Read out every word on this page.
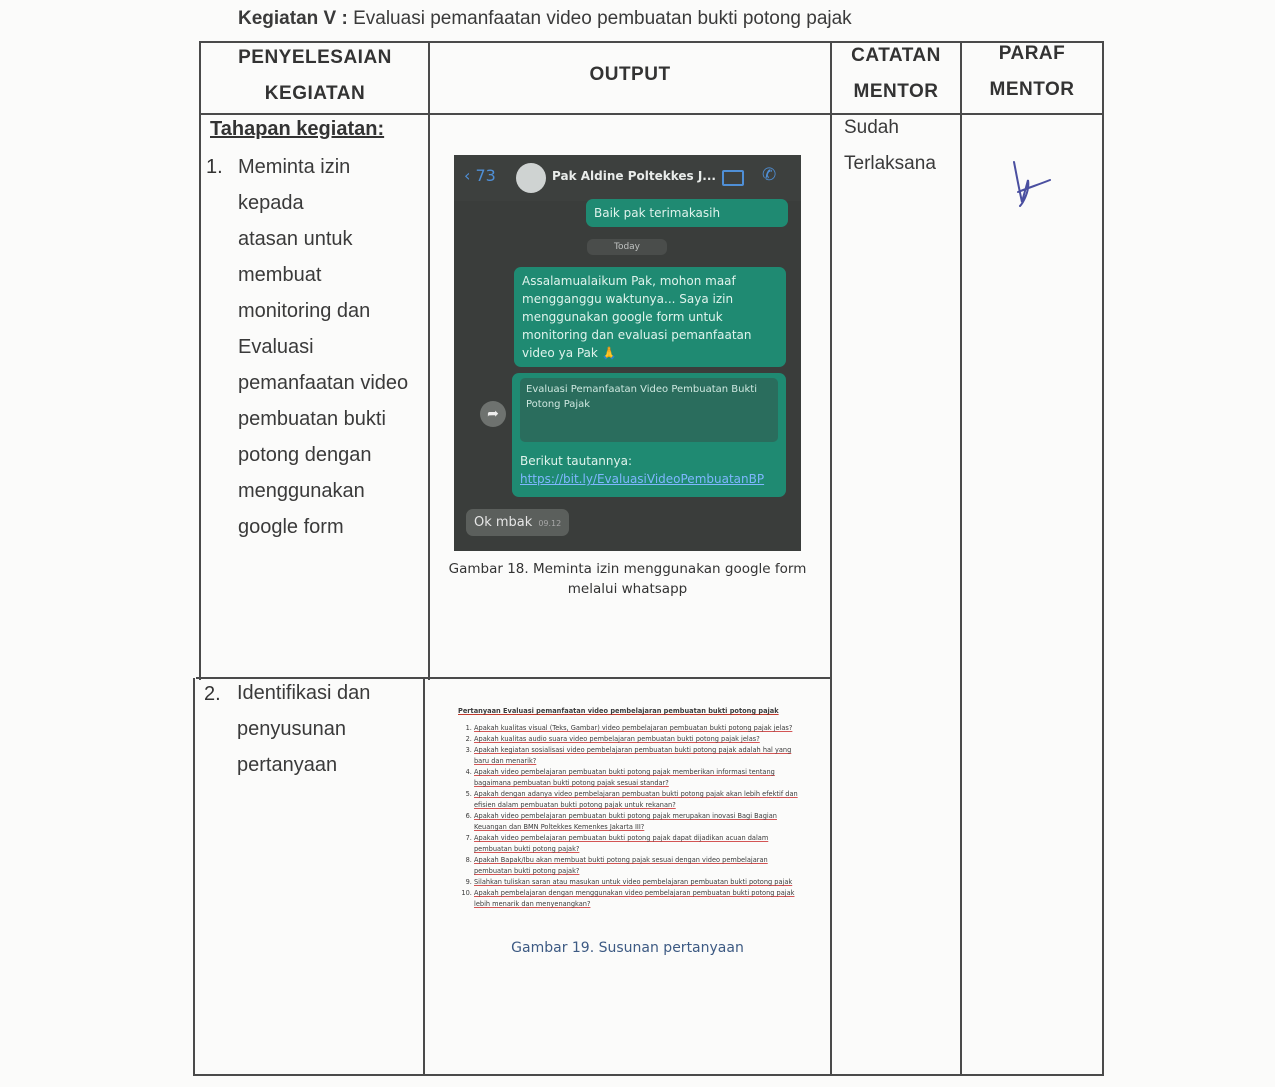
Kegiatan V : Evaluasi pemanfaatan video pembuatan bukti potong pajak
PENYELESAIAN
KEGIATAN
OUTPUT
CATATAN
MENTOR
PARAF
MENTOR
Tahapan kegiatan:
1. Meminta izin kepada
atasan untuk
membuat
monitoring dan
Evaluasi
pemanfaatan video
pembuatan bukti
potong dengan
menggunakan
google form
2. Identifikasi dan
penyusunan
pertanyaan
Sudah
Terlaksana
‹ 73	Pak Aldine Poltekkes J...	✆
Baik pak terimakasih
Today
Assalamualaikum Pak, mohon maaf mengganggu waktunya... Saya izin menggunakan google form untuk monitoring dan evaluasi pemanfaatan video ya Pak 🙏
➦
Evaluasi Pemanfaatan Video Pembuatan Bukti Potong Pajak
Berikut tautannya: https://bit.ly/EvaluasiVideoPembuatanBP
Ok mbak 09.12
Gambar 18. Meminta izin menggunakan google form
melalui whatsapp
Pertanyaan Evaluasi pemanfaatan video pembelajaran pembuatan bukti potong pajak
1. Apakah kualitas visual (Teks, Gambar) video pembelajaran pembuatan bukti potong pajak jelas?
2. Apakah kualitas audio suara video pembelajaran pembuatan bukti potong pajak jelas?
3. Apakah kegiatan sosialisasi video pembelajaran pembuatan bukti potong pajak adalah hal yang baru dan menarik?
4. Apakah video pembelajaran pembuatan bukti potong pajak memberikan informasi tentang bagaimana pembuatan bukti potong pajak sesuai standar?
5. Apakah dengan adanya video pembelajaran pembuatan bukti potong pajak akan lebih efektif dan efisien dalam pembuatan bukti potong pajak untuk rekanan?
6. Apakah video pembelajaran pembuatan bukti potong pajak merupakan inovasi Bagi Bagian Keuangan dan BMN Poltekkes Kemenkes Jakarta III?
7. Apakah video pembelajaran pembuatan bukti potong pajak dapat dijadikan acuan dalam pembuatan bukti potong pajak?
8. Apakah Bapak/Ibu akan membuat bukti potong pajak sesuai dengan video pembelajaran pembuatan bukti potong pajak?
9. Silahkan tuliskan saran atau masukan untuk video pembelajaran pembuatan bukti potong pajak
10. Apakah pembelajaran dengan menggunakan video pembelajaran pembuatan bukti potong pajak lebih menarik dan menyenangkan?
Gambar 19. Susunan pertanyaan
